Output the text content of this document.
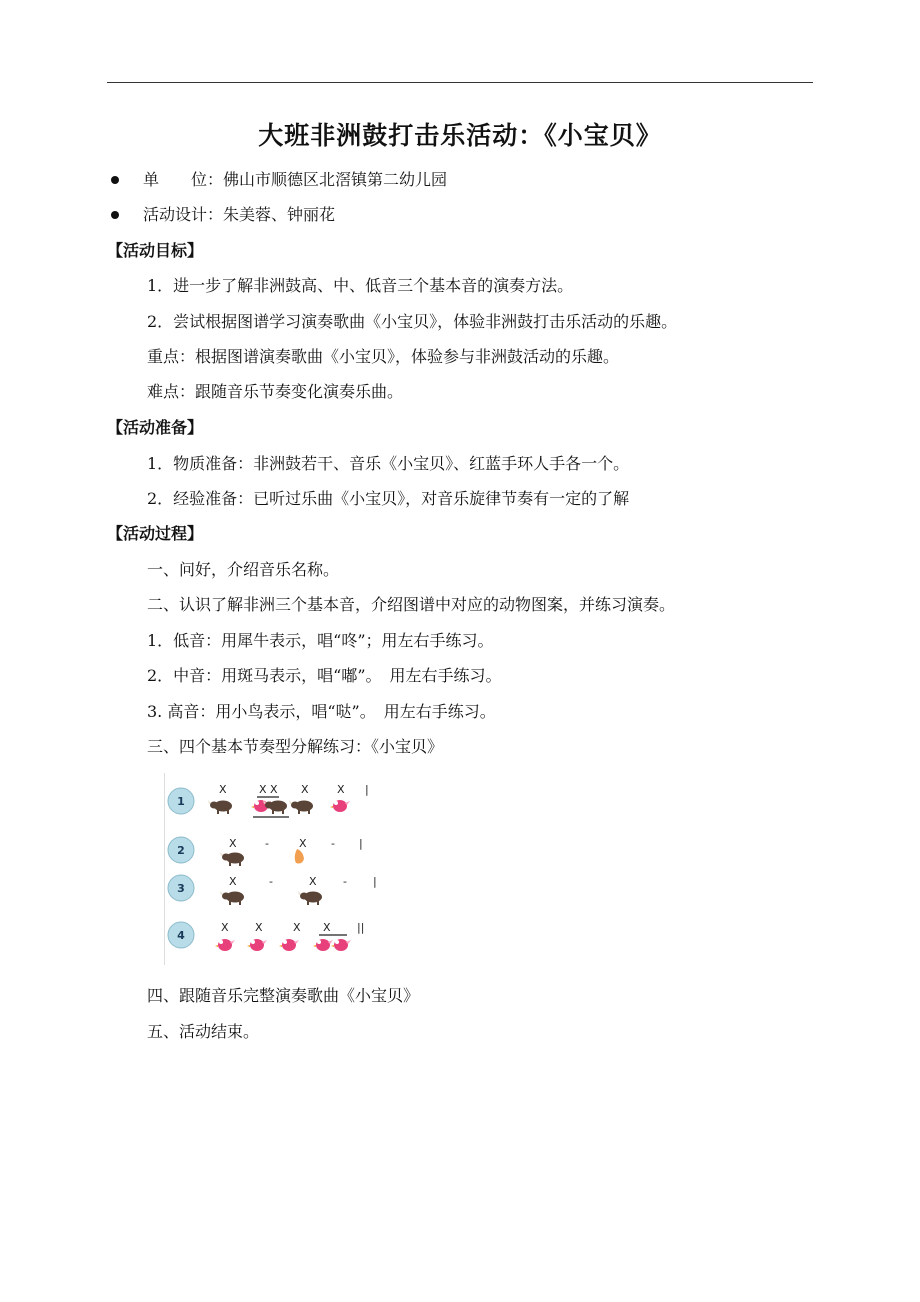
大班非洲鼓打击乐活动：《小宝贝》
单　　位：佛山市顺德区北滘镇第二幼儿园
活动设计：朱美蓉、钟丽花
【活动目标】
1．进一步了解非洲鼓高、中、低音三个基本音的演奏方法。
2．尝试根据图谱学习演奏歌曲《小宝贝》，体验非洲鼓打击乐活动的乐趣。
重点：根据图谱演奏歌曲《小宝贝》，体验参与非洲鼓活动的乐趣。
难点：跟随音乐节奏变化演奏乐曲。
【活动准备】
1．物质准备：非洲鼓若干、音乐《小宝贝》、红蓝手环人手各一个。
2．经验准备：已听过乐曲《小宝贝》，对音乐旋律节奏有一定的了解
【活动过程】
一、问好，介绍音乐名称。
二、认识了解非洲三个基本音，介绍图谱中对应的动物图案，并练习演奏。
1．低音：用犀牛表示，唱“咚”；用左右手练习。
2．中音：用斑马表示，唱“嘟”。　用左右手练习。
3. 高音：用小鸟表示，唱“哒”。　用左右手练习。
三、四个基本节奏型分解练习：《小宝贝》
1
X	X X X	X |
2
X	-	X - |
3
X	-	X - |
4
X X	X X ||
四、跟随音乐完整演奏歌曲《小宝贝》
五、活动结束。
